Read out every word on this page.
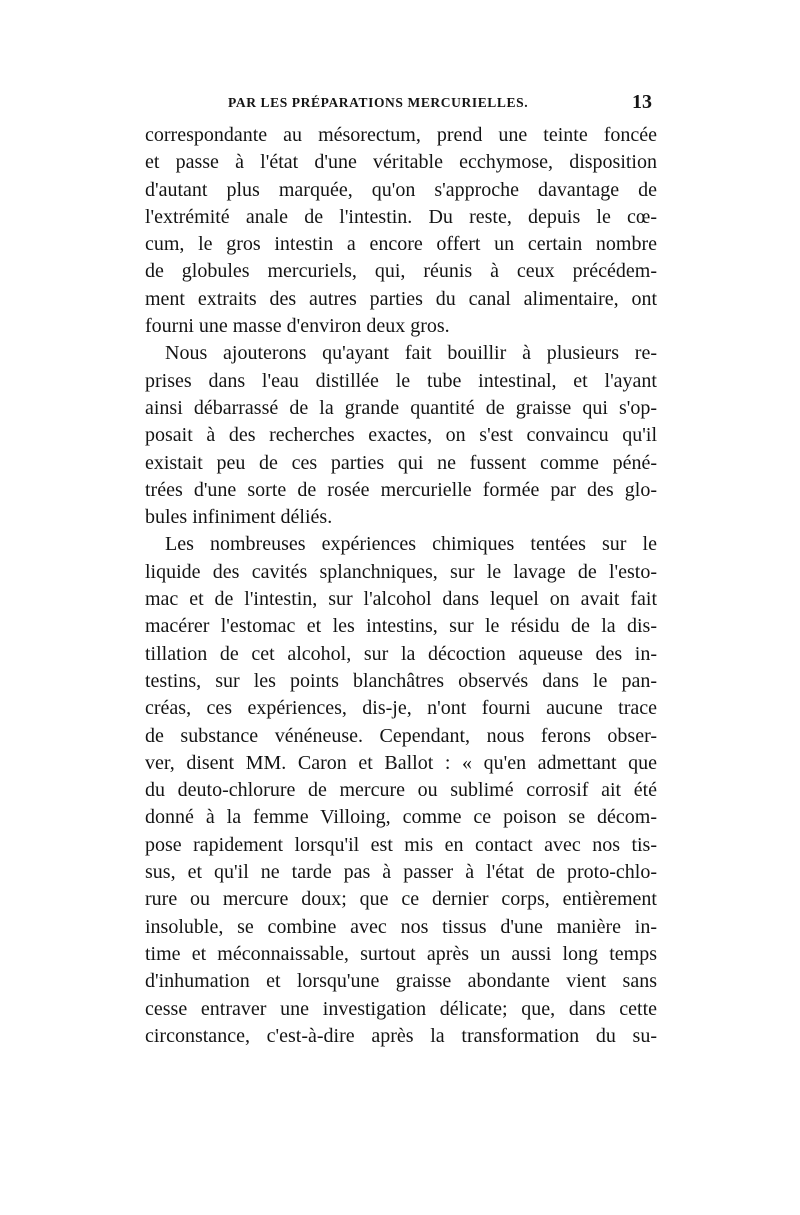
PAR LES PRÉPARATIONS MERCURIELLES.	13
correspondante au mésorectum, prend une teinte foncée
et passe à l'état d'une véritable ecchymose, disposition
d'autant plus marquée, qu'on s'approche davantage de
l'extrémité anale de l'intestin. Du reste, depuis le cœ-
cum, le gros intestin a encore offert un certain nombre
de globules mercuriels, qui, réunis à ceux précédem-
ment extraits des autres parties du canal alimentaire, ont
fourni une masse d'environ deux gros.
Nous ajouterons qu'ayant fait bouillir à plusieurs re-
prises dans l'eau distillée le tube intestinal, et l'ayant
ainsi débarrassé de la grande quantité de graisse qui s'op-
posait à des recherches exactes, on s'est convaincu qu'il
existait peu de ces parties qui ne fussent comme péné-
trées d'une sorte de rosée mercurielle formée par des glo-
bules infiniment déliés.
Les nombreuses expériences chimiques tentées sur le
liquide des cavités splanchniques, sur le lavage de l'esto-
mac et de l'intestin, sur l'alcohol dans lequel on avait fait
macérer l'estomac et les intestins, sur le résidu de la dis-
tillation de cet alcohol, sur la décoction aqueuse des in-
testins, sur les points blanchâtres observés dans le pan-
créas, ces expériences, dis-je, n'ont fourni aucune trace
de substance vénéneuse. Cependant, nous ferons obser-
ver, disent MM. Caron et Ballot : « qu'en admettant que
du deuto-chlorure de mercure ou sublimé corrosif ait été
donné à la femme Villoing, comme ce poison se décom-
pose rapidement lorsqu'il est mis en contact avec nos tis-
sus, et qu'il ne tarde pas à passer à l'état de proto-chlo-
rure ou mercure doux; que ce dernier corps, entièrement
insoluble, se combine avec nos tissus d'une manière in-
time et méconnaissable, surtout après un aussi long temps
d'inhumation et lorsqu'une graisse abondante vient sans
cesse entraver une investigation délicate; que, dans cette
circonstance, c'est-à-dire après la transformation du su-
